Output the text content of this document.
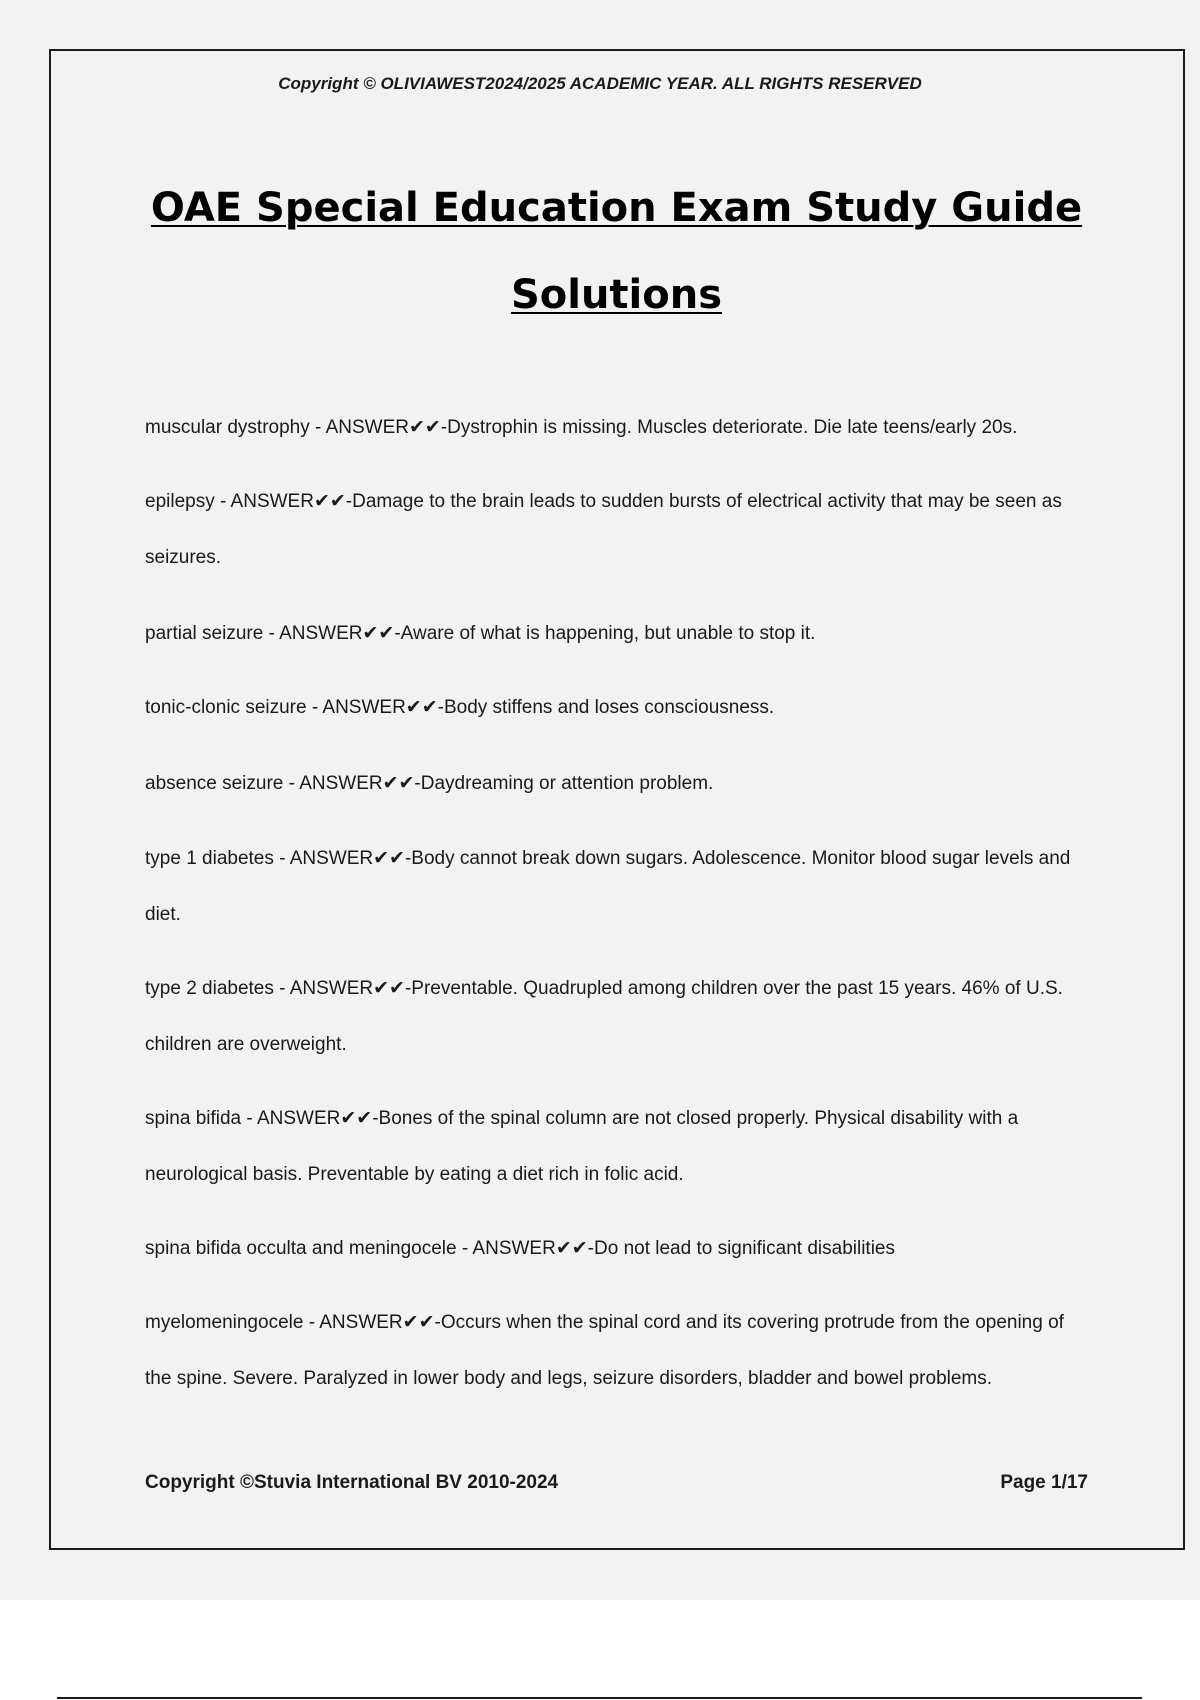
Copyright © OLIVIAWEST2024/2025 ACADEMIC YEAR. ALL RIGHTS RESERVED
OAE Special Education Exam Study Guide
Solutions
muscular dystrophy - ANSWER✔✔-Dystrophin is missing. Muscles deteriorate. Die late teens/early 20s.
epilepsy - ANSWER✔✔-Damage to the brain leads to sudden bursts of electrical activity that may be seen as seizures.
partial seizure - ANSWER✔✔-Aware of what is happening, but unable to stop it.
tonic-clonic seizure - ANSWER✔✔-Body stiffens and loses consciousness.
absence seizure - ANSWER✔✔-Daydreaming or attention problem.
type 1 diabetes - ANSWER✔✔-Body cannot break down sugars. Adolescence. Monitor blood sugar levels and diet.
type 2 diabetes - ANSWER✔✔-Preventable. Quadrupled among children over the past 15 years. 46% of U.S. children are overweight.
spina bifida - ANSWER✔✔-Bones of the spinal column are not closed properly. Physical disability with a neurological basis. Preventable by eating a diet rich in folic acid.
spina bifida occulta and meningocele - ANSWER✔✔-Do not lead to significant disabilities
myelomeningocele - ANSWER✔✔-Occurs when the spinal cord and its covering protrude from the opening of the spine. Severe. Paralyzed in lower body and legs, seizure disorders, bladder and bowel problems.
Copyright ©Stuvia International BV 2010-2024	Page 1/17
